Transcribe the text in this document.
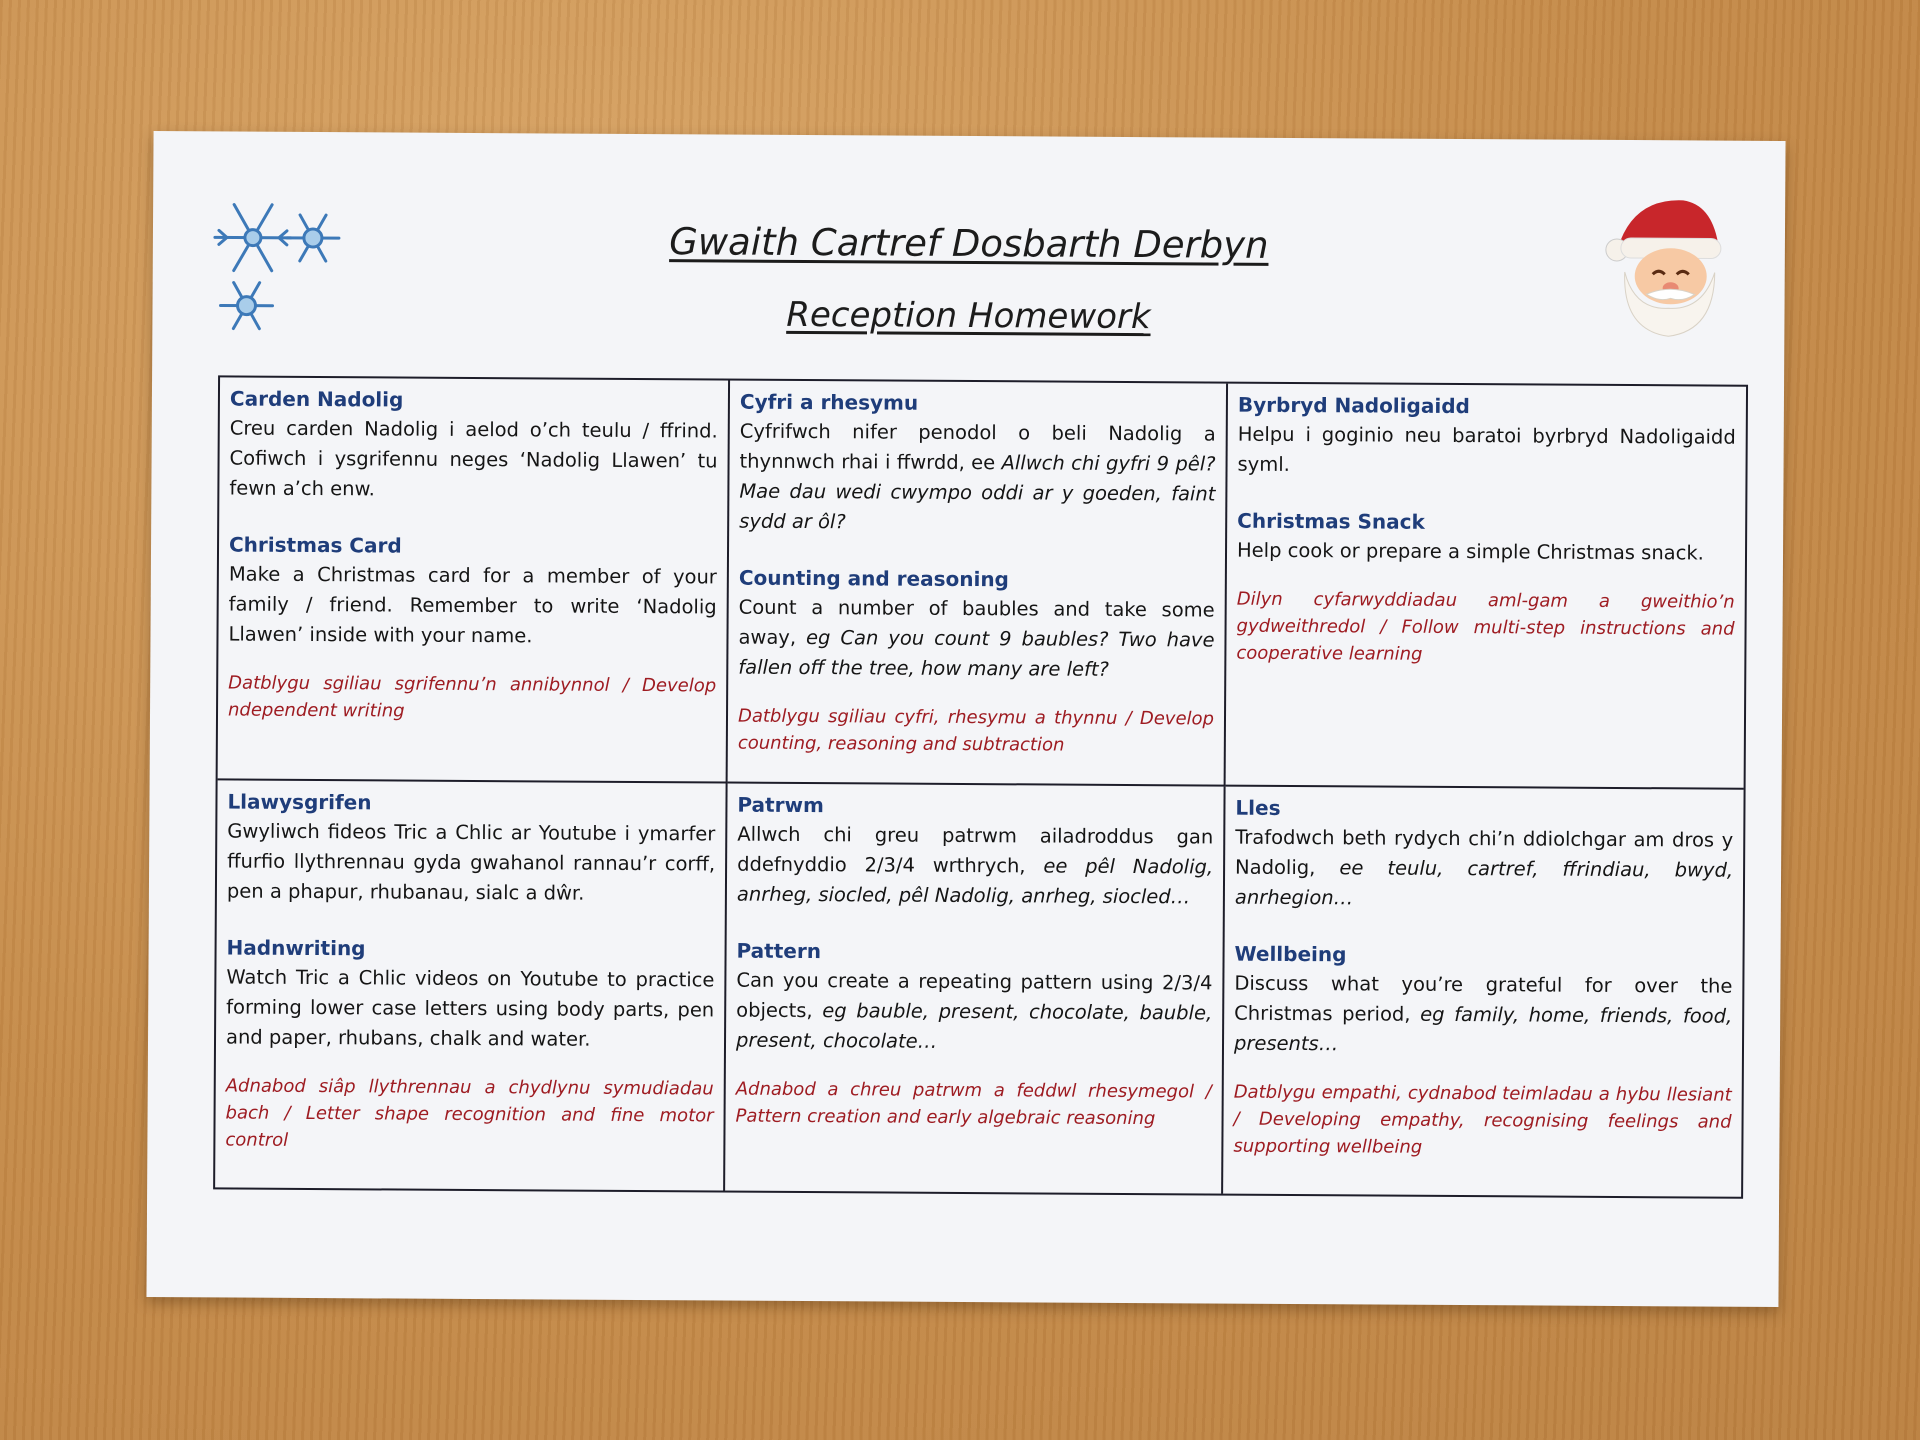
Gwaith Cartref Dosbarth Derbyn
Reception Homework

Carden Nadolig

Creu carden Nadolig i aelod o’ch teulu / ffrind. Cofiwch i ysgrifennu neges ‘Nadolig Llawen’ tu fewn a’ch enw.

Christmas Card

Make a Christmas card for a member of your family / friend. Remember to write ‘Nadolig Llawen’ inside with your name.

Datblygu sgiliau sgrifennu’n annibynnol / Develop ndependent writing

Cyfri a rhesymu

Cyfrifwch nifer penodol o beli Nadolig a thynnwch rhai i ffwrdd, ee Allwch chi gyfri 9 pêl? Mae dau wedi cwympo oddi ar y goeden, faint sydd ar ôl?

Counting and reasoning

Count a number of baubles and take some away, eg Can you count 9 baubles? Two have fallen off the tree, how many are left?

Datblygu sgiliau cyfri, rhesymu a thynnu / Develop counting, reasoning and subtraction

Byrbryd Nadoligaidd

Helpu i goginio neu baratoi byrbryd Nadoligaidd syml.

Christmas Snack

Help cook or prepare a simple Christmas snack.

Dilyn cyfarwyddiadau aml-gam a gweithio’n gydweithredol / Follow multi-step instructions and cooperative learning

Llawysgrifen

Gwyliwch fideos Tric a Chlic ar Youtube i ymarfer ffurfio llythrennau gyda gwahanol rannau’r corff, pen a phapur, rhubanau, sialc a dŵr.

Hadnwriting

Watch Tric a Chlic videos on Youtube to practice forming lower case letters using body parts, pen and paper, rhubans, chalk and water.

Adnabod siâp llythrennau a chydlynu symudiadau bach / Letter shape recognition and fine motor control

Patrwm

Allwch chi greu patrwm ailadroddus gan ddefnyddio 2/3/4 wrthrych, ee pêl Nadolig, anrheg, siocled, pêl Nadolig, anrheg, siocled…

Pattern

Can you create a repeating pattern using 2/3/4 objects, eg bauble, present, chocolate, bauble, present, chocolate…

Adnabod a chreu patrwm a feddwl rhesymegol / Pattern creation and early algebraic reasoning

Lles

Trafodwch beth rydych chi’n ddiolchgar am dros y Nadolig, ee teulu, cartref, ffrindiau, bwyd, anrhegion…

Wellbeing

Discuss what you’re grateful for over the Christmas period, eg family, home, friends, food, presents…

Datblygu empathi, cydnabod teimladau a hybu llesiant / Developing empathy, recognising feelings and supporting wellbeing
